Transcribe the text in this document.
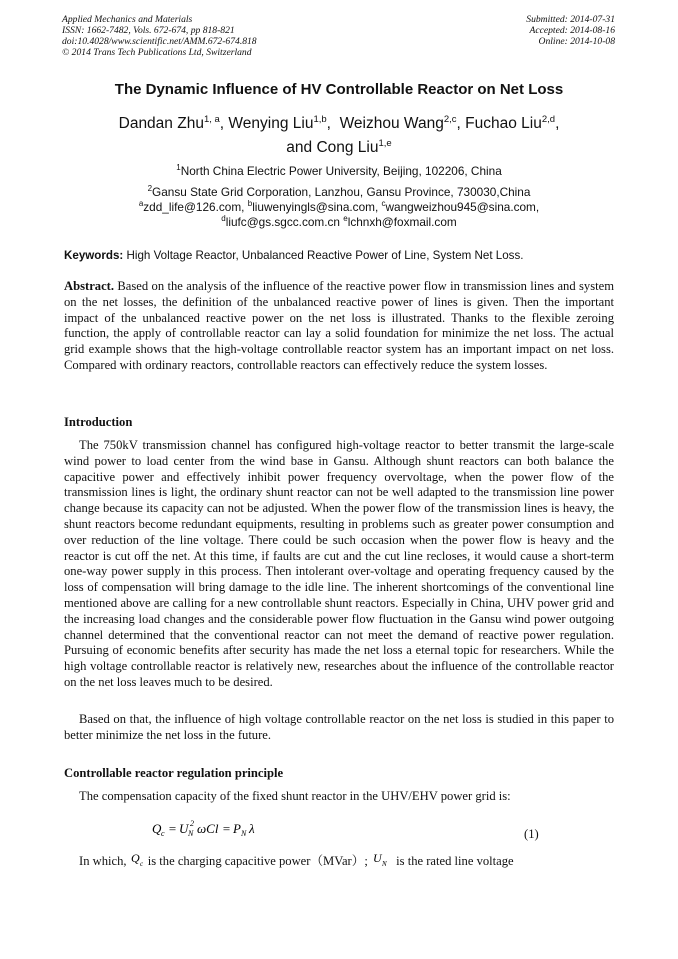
Applied Mechanics and Materials
ISSN: 1662-7482, Vols. 672-674, pp 818-821
doi:10.4028/www.scientific.net/AMM.672-674.818
© 2014 Trans Tech Publications Ltd, Switzerland
Submitted: 2014-07-31
Accepted: 2014-08-16
Online: 2014-10-08
The Dynamic Influence of HV Controllable Reactor on Net Loss
Dandan Zhu$^{1, a}$, Wenying Liu$^{1,b}$,  Weizhou Wang$^{2,c}$, Fuchao Liu$^{2,d}$,
and Cong Liu$^{1,e}$
$^1$North China Electric Power University, Beijing, 102206, China
$^2$Gansu State Grid Corporation, Lanzhou, Gansu Province, 730030,China
$^a$zdd_life@126.com, $^b$liuwenyingls@sina.com, $^c$wangweizhou945@sina.com,
$^d$liufc@gs.sgcc.com.cn $^e$lchnxh@foxmail.com
Keywords: High Voltage Reactor, Unbalanced Reactive Power of Line, System Net Loss.
Abstract. Based on the analysis of the influence of the reactive power flow in transmission lines and system on the net losses, the definition of the unbalanced reactive power of lines is given. Then the important impact of the unbalanced reactive power on the net loss is illustrated. Thanks to the flexible zeroing function, the apply of controllable reactor can lay a solid foundation for minimize the net loss. The actual grid example shows that the high-voltage controllable reactor system has an important impact on net loss. Compared with ordinary reactors, controllable reactors can effectively reduce the system losses.
Introduction
The 750kV transmission channel has configured high-voltage reactor to better transmit the large-scale wind power to load center from the wind base in Gansu. Although shunt reactors can both balance the capacitive power and effectively inhibit power frequency overvoltage, when the power flow of the transmission lines is light, the ordinary shunt reactor can not be well adapted to the transmission line power change because its capacity can not be adjusted. When the power flow of the transmission lines is heavy, the shunt reactors become redundant equipments, resulting in problems such as greater power consumption and over reduction of the line voltage. There could be such occasion when the power flow is heavy and the reactor is cut off the net. At this time, if faults are cut and the cut line recloses, it would cause a short-term one-way power supply in this process. Then intolerant over-voltage and operating frequency caused by the loss of compensation will bring damage to the idle line. The inherent shortcomings of the conventional line mentioned above are calling for a new controllable shunt reactors. Especially in China, UHV power grid and the increasing load changes and the considerable power flow fluctuation in the Gansu wind power outgoing channel determined that the conventional reactor can not meet the demand of reactive power regulation. Pursuing of economic benefits after security has made the net loss a eternal topic for researchers. While the high voltage controllable reactor is relatively new, researches about the influence of the controllable reactor on the net loss leaves much to be desired.
Based on that, the influence of high voltage controllable reactor on the net loss is studied in this paper to better minimize the net loss in the future.
Controllable reactor regulation principle
The compensation capacity of the fixed shunt reactor in the UHV/EHV power grid is:
Q c = U N
2 ωCl = P N λ	(1)
In which, Q c is the charging capacitive power（MVar）; U N is the rated line voltage
